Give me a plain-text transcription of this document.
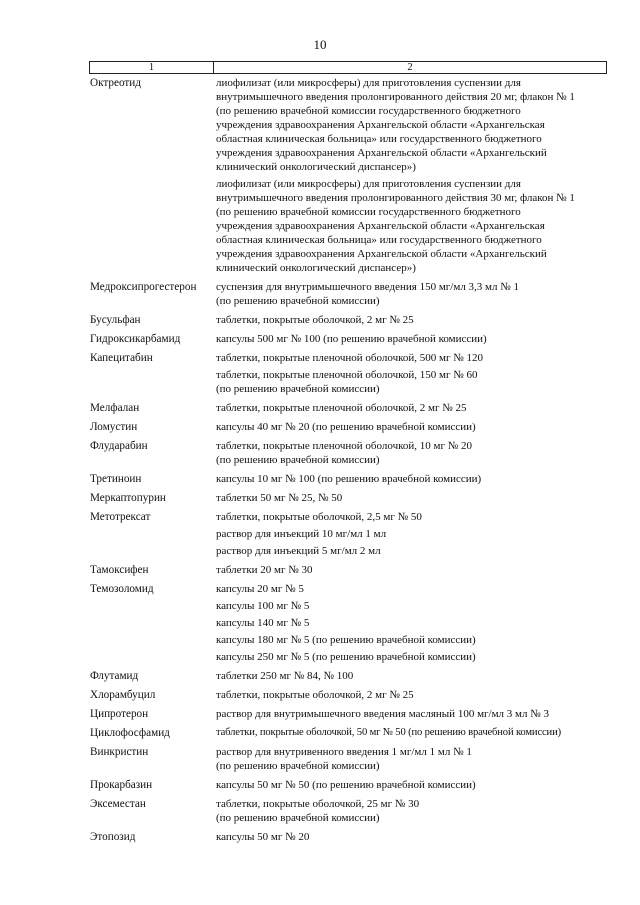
10
1	2
Октреотид	лиофилизат (или микросферы) для приготовления суспензии для
внутримышечного введения пролонгированного действия 20 мг, флакон № 1
(по решению врачебной комиссии государственного бюджетного
учреждения здравоохранения Архангельской области «Архангельская
областная клиническая больница» или государственного бюджетного
учреждения здравоохранения Архангельской области «Архангельский
клинический онкологический диспансер»)
лиофилизат (или микросферы) для приготовления суспензии для
внутримышечного введения пролонгированного действия 30 мг, флакон № 1
(по решению врачебной комиссии государственного бюджетного
учреждения здравоохранения Архангельской области «Архангельская
областная клиническая больница» или государственного бюджетного
учреждения здравоохранения Архангельской области «Архангельский
клинический онкологический диспансер»)
Медроксипрогестерон	суспензия для внутримышечного введения 150 мг/мл 3,3 мл № 1
(по решению врачебной комиссии)
Бусульфан	таблетки, покрытые оболочкой, 2 мг № 25
Гидроксикарбамид	капсулы 500 мг № 100 (по решению врачебной комиссии)
Капецитабин	таблетки, покрытые пленочной оболочкой, 500 мг № 120
таблетки, покрытые пленочной оболочкой, 150 мг № 60
(по решению врачебной комиссии)
Мелфалан	таблетки, покрытые пленочной оболочкой, 2 мг № 25
Ломустин	капсулы 40 мг № 20 (по решению врачебной комиссии)
Флударабин	таблетки, покрытые пленочной оболочкой, 10 мг № 20
(по решению врачебной комиссии)
Третиноин	капсулы 10 мг № 100 (по решению врачебной комиссии)
Меркаптопурин	таблетки 50 мг № 25, № 50
Метотрексат	таблетки, покрытые оболочкой, 2,5 мг № 50
раствор для инъекций 10 мг/мл 1 мл
раствор для инъекций 5 мг/мл 2 мл
Тамоксифен	таблетки 20 мг № 30
Темозоломид	капсулы 20 мг № 5
капсулы 100 мг № 5
капсулы 140 мг № 5
капсулы 180 мг № 5 (по решению врачебной комиссии)
капсулы 250 мг № 5 (по решению врачебной комиссии)
Флутамид	таблетки 250 мг № 84, № 100
Хлорамбуцил	таблетки, покрытые оболочкой, 2 мг № 25
Ципротерон	раствор для внутримышечного введения масляный 100 мг/мл 3 мл № 3
Циклофосфамид	таблетки, покрытые оболочкой, 50 мг № 50 (по решению врачебной комиссии)
Винкристин	раствор для внутривенного введения 1 мг/мл 1 мл № 1
(по решению врачебной комиссии)
Прокарбазин	капсулы 50 мг № 50 (по решению врачебной комиссии)
Эксеместан	таблетки, покрытые оболочкой, 25 мг № 30
(по решению врачебной комиссии)
Этопозид	капсулы 50 мг № 20
